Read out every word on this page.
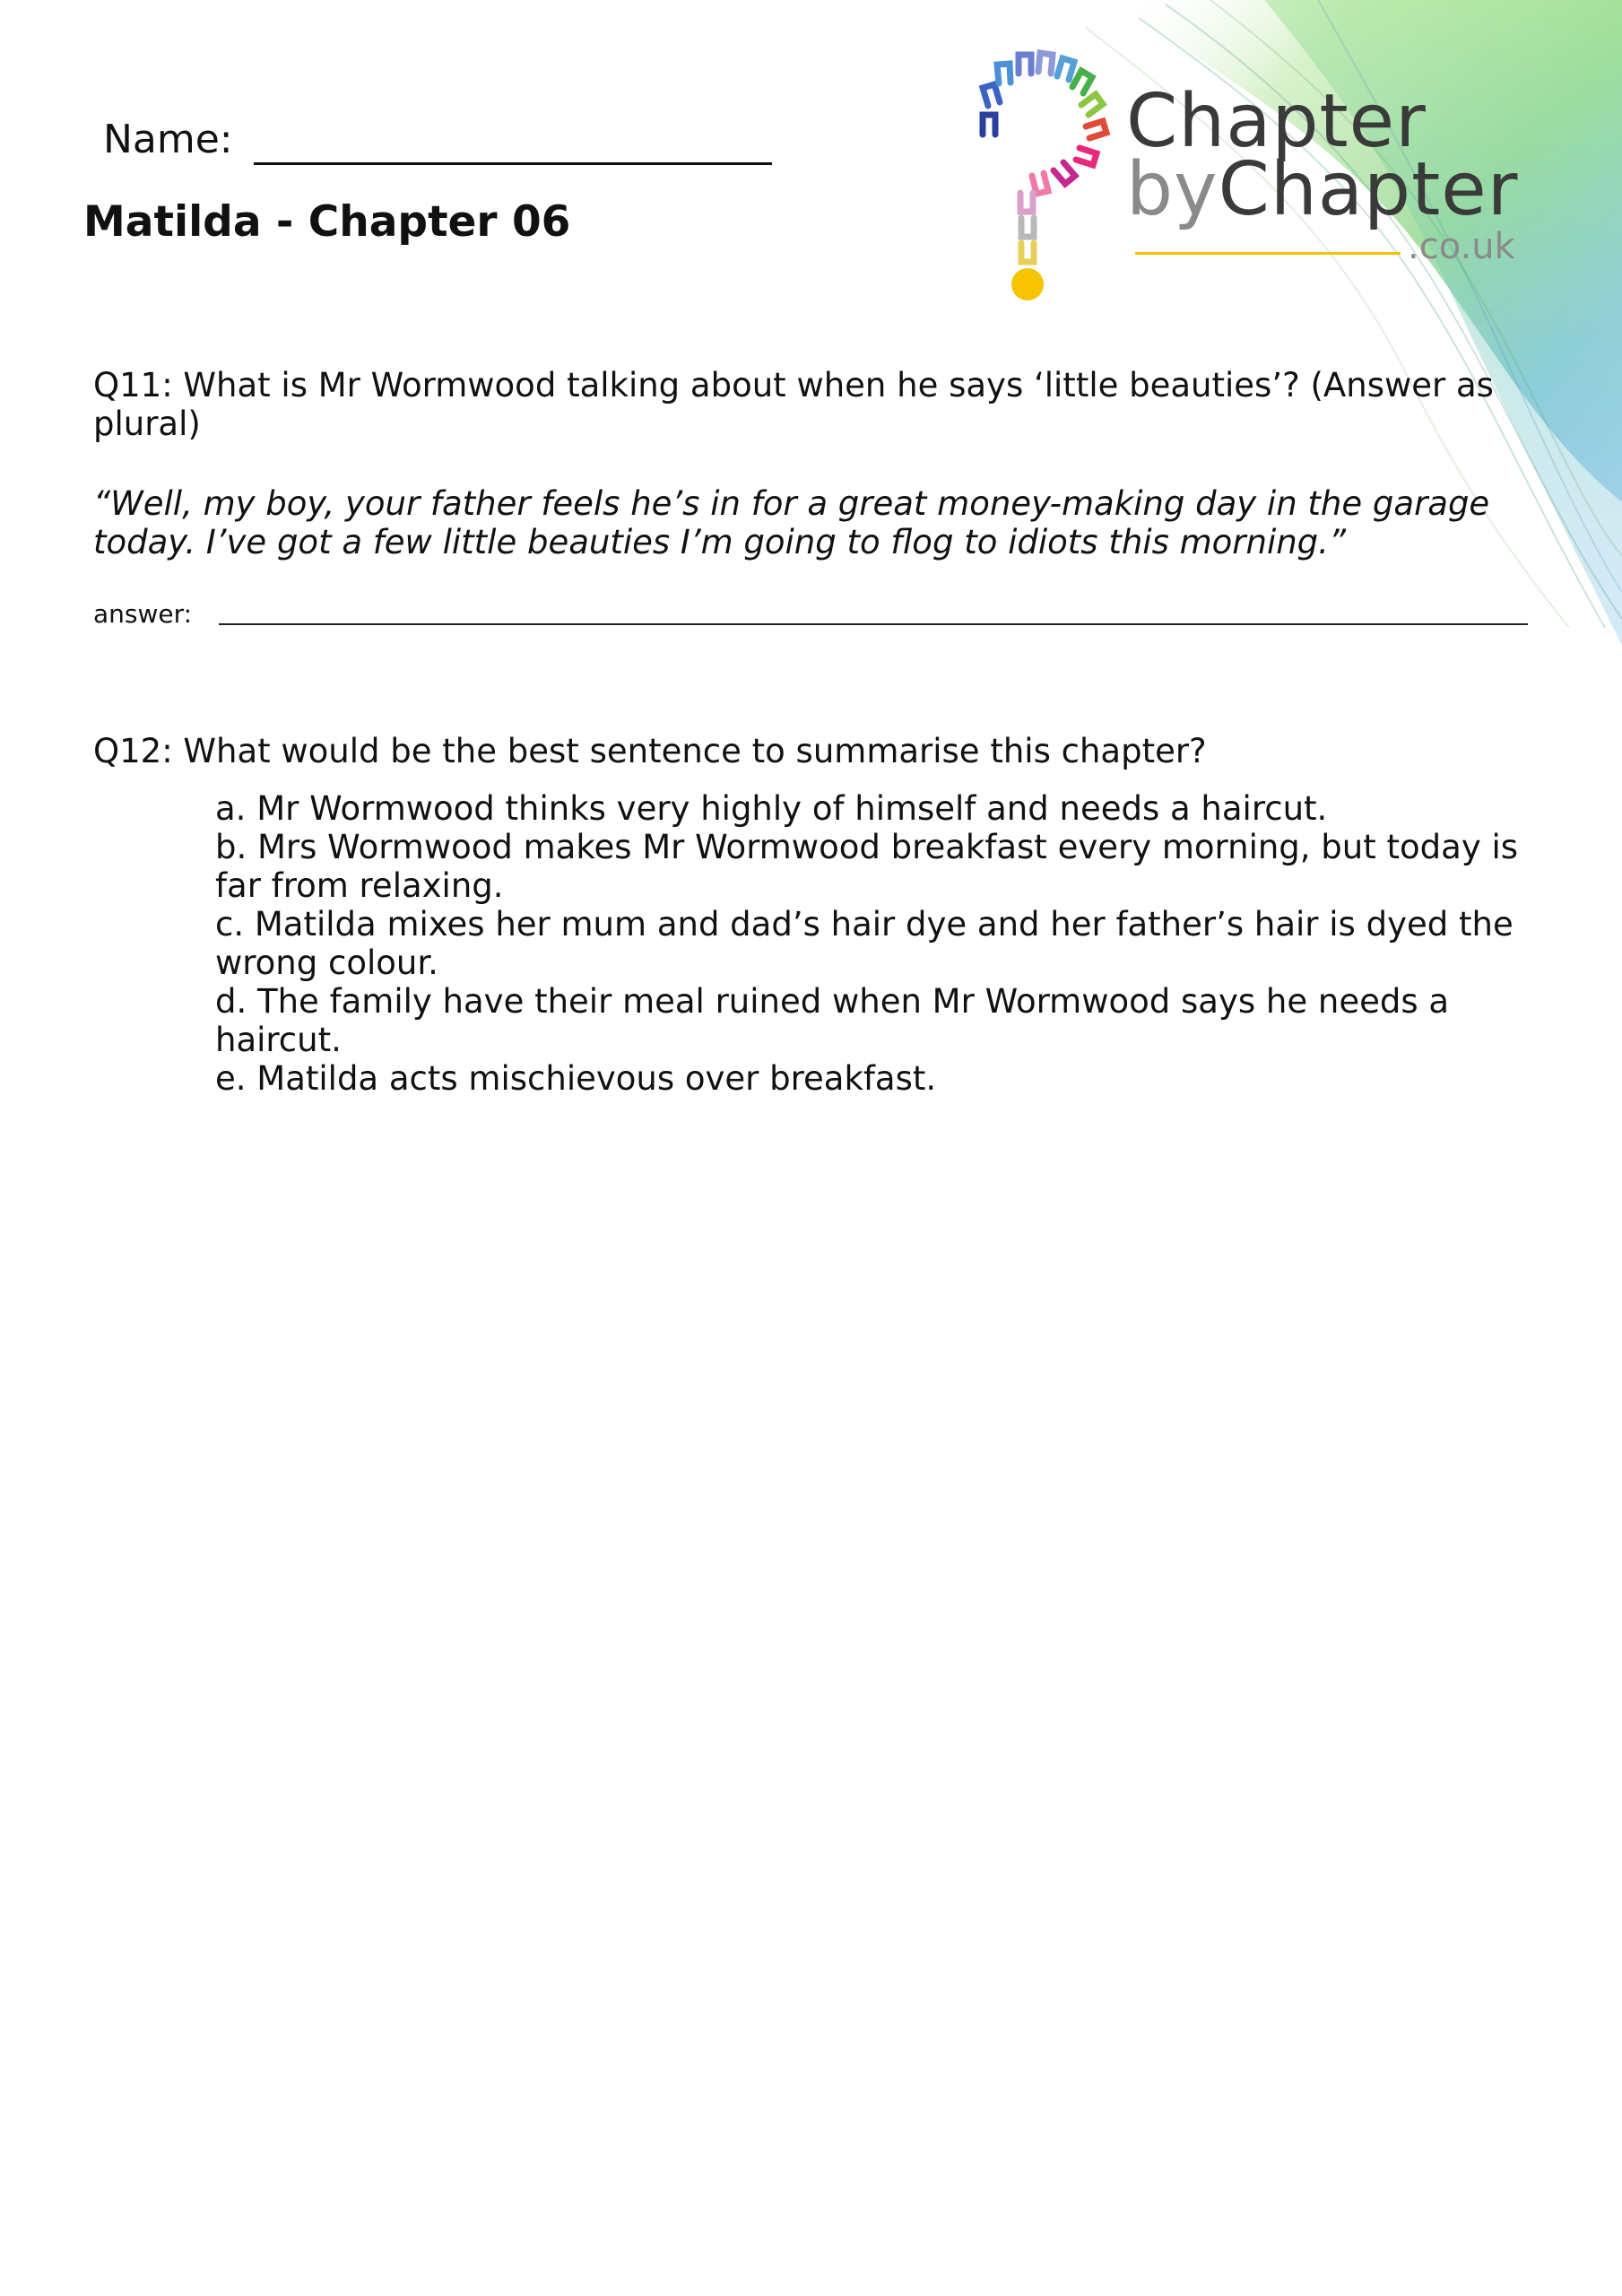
Chapter
byChapter
.co.uk
Name:
Matilda - Chapter 06

Q11: What is Mr Wormwood talking about when he says ‘little beauties’? (Answer as plural)

“Well, my boy, your father feels he’s in for a great money-making day in the garage today. I’ve got a few little beauties I’m going to flog to idiots this morning.”

answer:

Q12: What would be the best sentence to summarise this chapter?

a. Mr Wormwood thinks very highly of himself and needs a haircut.
b. Mrs Wormwood makes Mr Wormwood breakfast every morning, but today is far from relaxing.
c. Matilda mixes her mum and dad’s hair dye and her father’s hair is dyed the wrong colour.
d. The family have their meal ruined when Mr Wormwood says he needs a haircut.
e. Matilda acts mischievous over breakfast.
